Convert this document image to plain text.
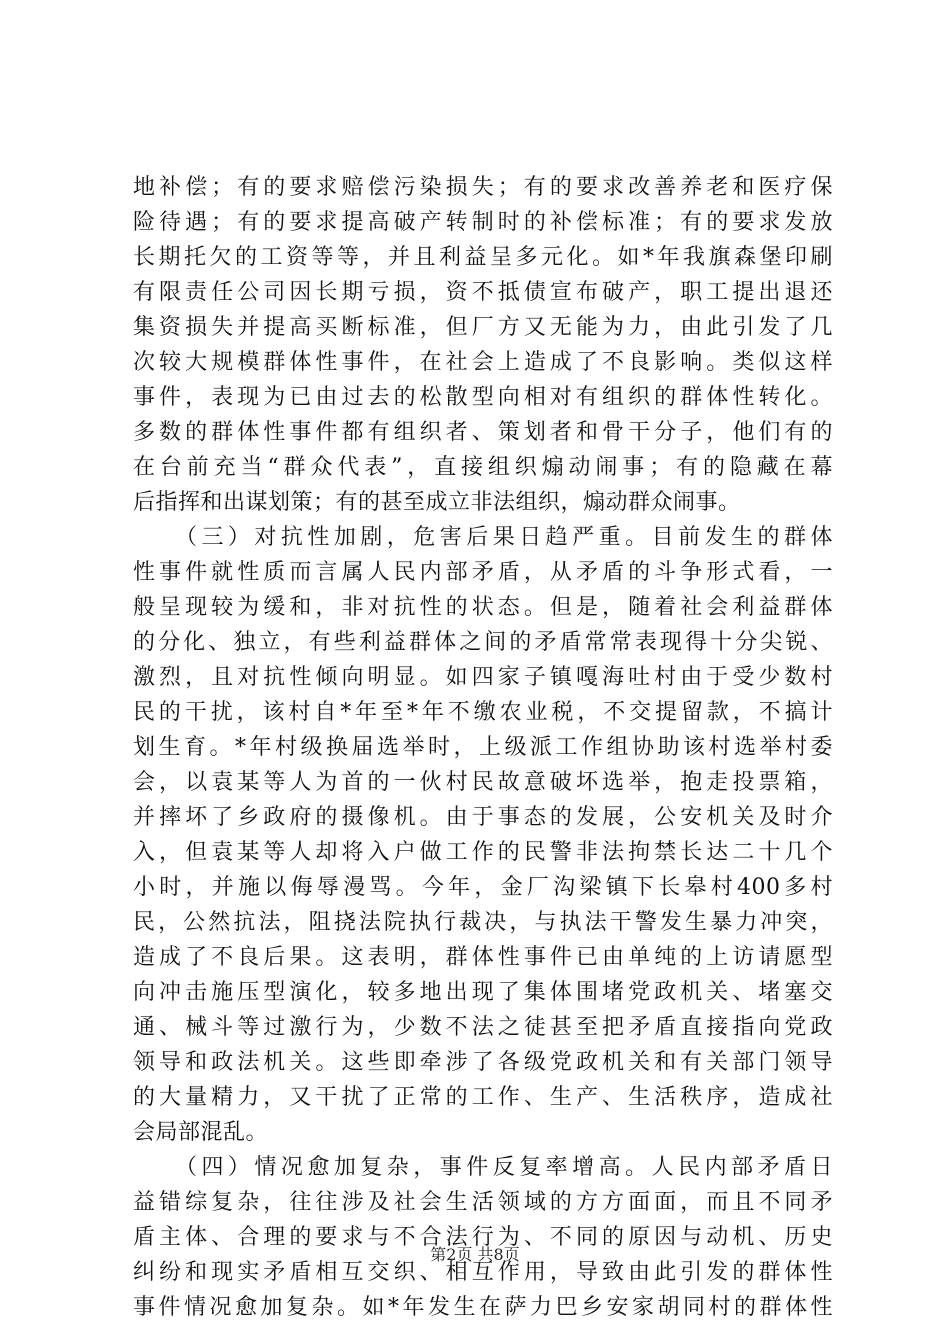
地补偿；有的要求赔偿污染损失；有的要求改善养老和医疗保
险待遇；有的要求提高破产转制时的补偿标准；有的要求发放
长期托欠的工资等等，并且利益呈多元化。如*年我旗森堡印刷
有限责任公司因长期亏损，资不抵债宣布破产，职工提出退还
集资损失并提高买断标准，但厂方又无能为力，由此引发了几
次较大规模群体性事件，在社会上造成了不良影响。类似这样
事件，表现为已由过去的松散型向相对有组织的群体性转化。
多数的群体性事件都有组织者、策划者和骨干分子，他们有的
在台前充当“群众代表”，直接组织煽动闹事；有的隐藏在幕
后指挥和出谋划策；有的甚至成立非法组织，煽动群众闹事。
　　（三）对抗性加剧，危害后果日趋严重。目前发生的群体
性事件就性质而言属人民内部矛盾，从矛盾的斗争形式看，一
般呈现较为缓和，非对抗性的状态。但是，随着社会利益群体
的分化、独立，有些利益群体之间的矛盾常常表现得十分尖锐、
激烈，且对抗性倾向明显。如四家子镇嘎海吐村由于受少数村
民的干扰，该村自*年至*年不缴农业税，不交提留款，不搞计
划生育。*年村级换届选举时，上级派工作组协助该村选举村委
会，以袁某等人为首的一伙村民故意破坏选举，抱走投票箱，
并摔坏了乡政府的摄像机。由于事态的发展，公安机关及时介
入，但袁某等人却将入户做工作的民警非法拘禁长达二十几个
小时，并施以侮辱漫骂。今年，金厂沟梁镇下长皋村400多村
民，公然抗法，阻挠法院执行裁决，与执法干警发生暴力冲突，
造成了不良后果。这表明，群体性事件已由单纯的上访请愿型
向冲击施压型演化，较多地出现了集体围堵党政机关、堵塞交
通、械斗等过激行为，少数不法之徒甚至把矛盾直接指向党政
领导和政法机关。这些即牵涉了各级党政机关和有关部门领导
的大量精力，又干扰了正常的工作、生产、生活秩序，造成社
会局部混乱。
　　（四）情况愈加复杂，事件反复率增高。人民内部矛盾日
益错综复杂，往往涉及社会生活领域的方方面面，而且不同矛
盾主体、合理的要求与不合法行为、不同的原因与动机、历史
纠纷和现实矛盾相互交织、相互作用，导致由此引发的群体性
事件情况愈加复杂。如*年发生在萨力巴乡安家胡同村的群体性
第2页 共8页
